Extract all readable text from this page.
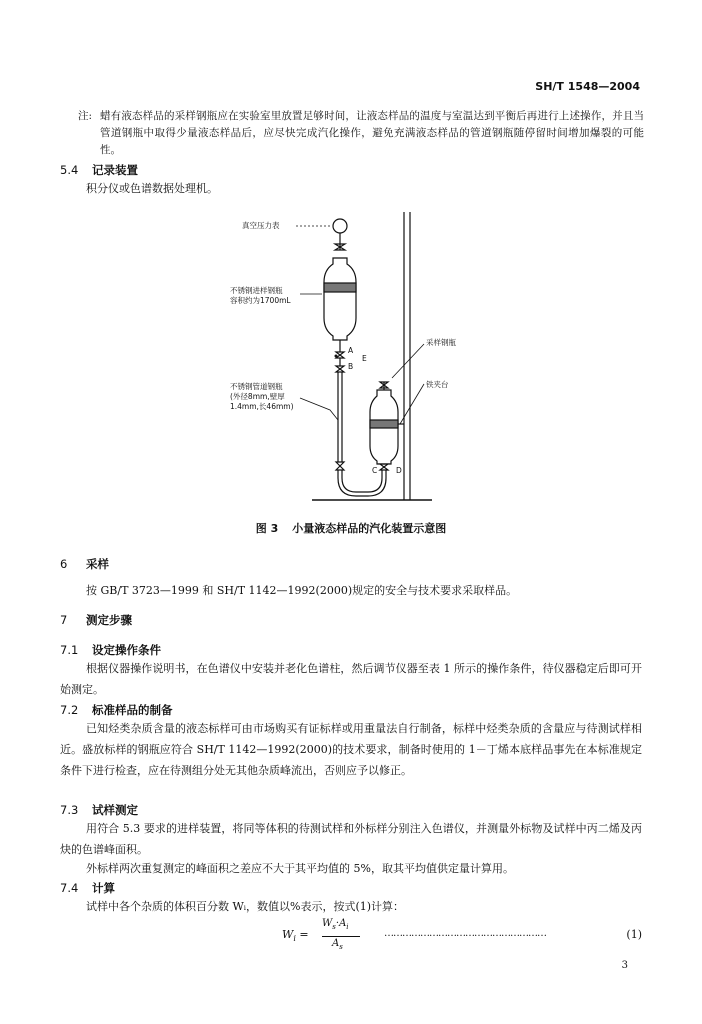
SH/T 1548—2004
注: 蜡有液态样品的采样钢瓶应在实验室里放置足够时间，让液态样品的温度与室温达到平衡后再进行上述操作，并且当管道钢瓶中取得少量液态样品后，应尽快完成汽化操作，避免充满液态样品的管道钢瓶随停留时间增加爆裂的可能性。
5.4 记录装置
积分仪或色谱数据处理机。
真空压力表
不锈钢进样钢瓶
容积约为1700mL
不锈钢管道钢瓶
(外径8mm,壁厚
1.4mm,长46mm)
采样钢瓶
铁夹台
A
B
E
C	D
图 3 小量液态样品的汽化装置示意图
6 采样
按 GB/T 3723—1999 和 SH/T 1142—1992(2000)规定的安全与技术要求采取样品。
7 测定步骤
7.1 设定操作条件
根据仪器操作说明书，在色谱仪中安装并老化色谱柱，然后调节仪器至表 1 所示的操作条件，待仪器稳定后即可开始测定。
7.2 标准样品的制备
已知烃类杂质含量的液态标样可由市场购买有证标样或用重量法自行制备，标样中烃类杂质的含量应与待测试样相近。盛放标样的钢瓶应符合 SH/T 1142—1992(2000)的技术要求，制备时使用的 1－丁烯本底样品事先在本标准规定条件下进行检查，应在待测组分处无其他杂质峰流出，否则应予以修正。
7.3 试样测定
用符合 5.3 要求的进样装置，将同等体积的待测试样和外标样分别注入色谱仪，并测量外标物及试样中丙二烯及丙炔的色谱峰面积。
外标样两次重复测定的峰面积之差应不大于其平均值的 5%，取其平均值供定量计算用。
7.4 计算
试样中各个杂质的体积百分数 Wᵢ，数值以%表示，按式(1)计算：
$W_i$ =
$W_s\cdot A_i$
$A_s$
………………………………………………	(1)
3
